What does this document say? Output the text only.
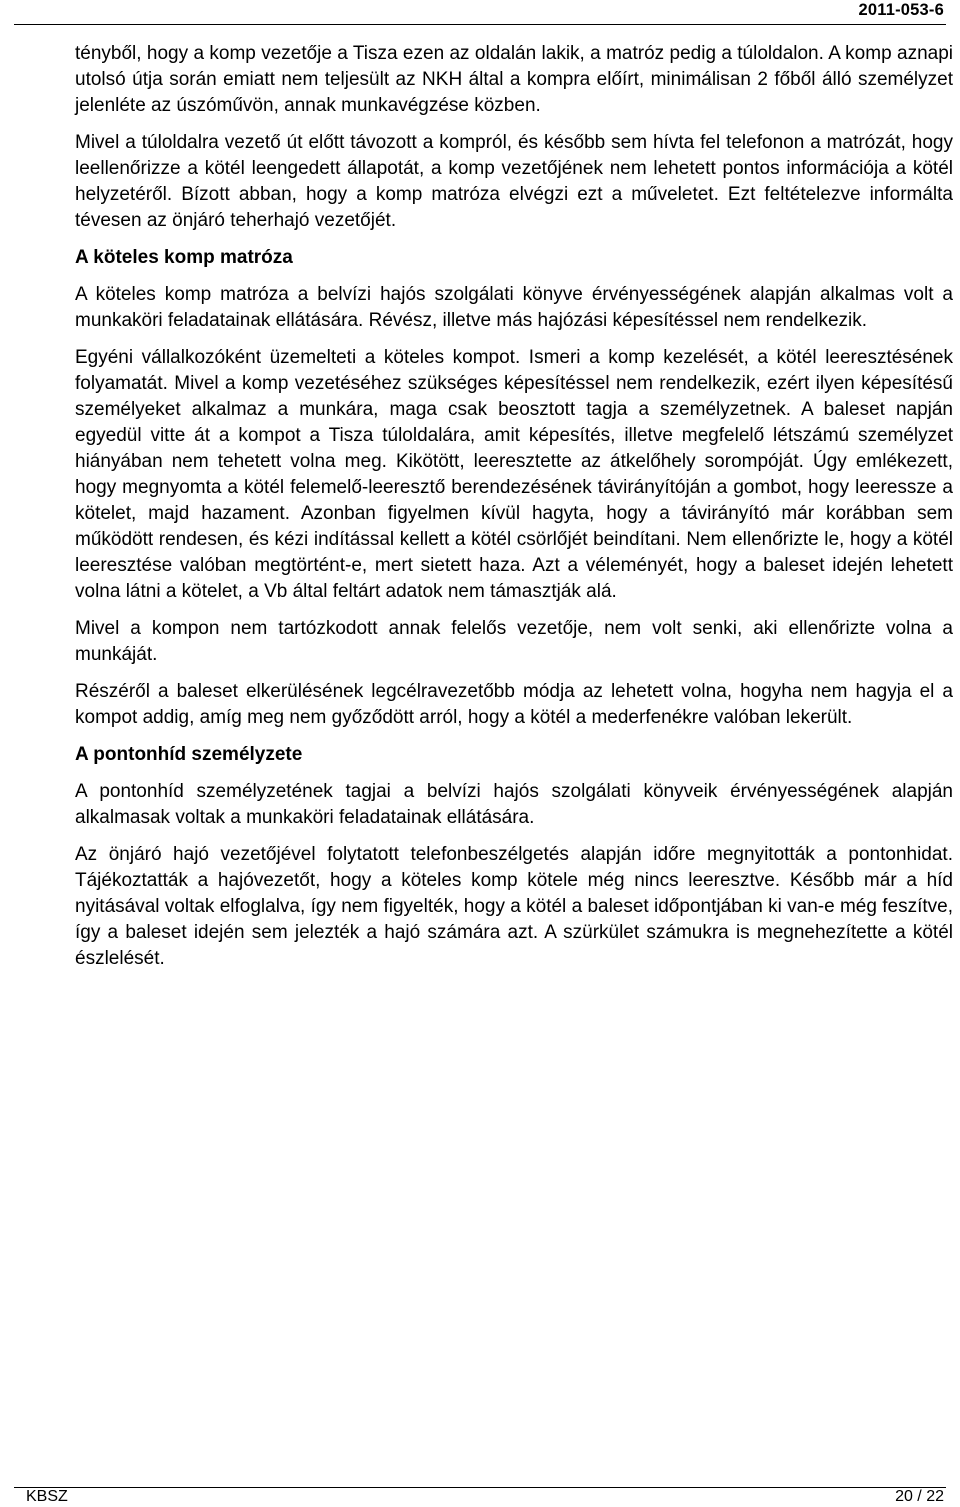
2011-053-6

tényből, hogy a komp vezetője a Tisza ezen az oldalán lakik, a matróz pedig a túloldalon. A komp aznapi utolsó útja során emiatt nem teljesült az NKH által a kompra előírt, minimálisan 2 főből álló személyzet jelenléte az úszóművön, annak munkavégzése közben.

Mivel a túloldalra vezető út előtt távozott a kompról, és később sem hívta fel telefonon a matrózát, hogy leellenőrizze a kötél leengedett állapotát, a komp vezetőjének nem lehetett pontos információja a kötél helyzetéről. Bízott abban, hogy a komp matróza elvégzi ezt a műveletet. Ezt feltételezve informálta tévesen az önjáró teherhajó vezetőjét.

A köteles komp matróza

A köteles komp matróza a belvízi hajós szolgálati könyve érvényességének alapján alkalmas volt a munkaköri feladatainak ellátására. Révész, illetve más hajózási képesítéssel nem rendelkezik.

Egyéni vállalkozóként üzemelteti a köteles kompot. Ismeri a komp kezelését, a kötél leeresztésének folyamatát. Mivel a komp vezetéséhez szükséges képesítéssel nem rendelkezik, ezért ilyen képesítésű személyeket alkalmaz a munkára, maga csak beosztott tagja a személyzetnek. A baleset napján egyedül vitte át a kompot a Tisza túloldalára, amit képesítés, illetve megfelelő létszámú személyzet hiányában nem tehetett volna meg. Kikötött, leeresztette az átkelőhely sorompóját. Úgy emlékezett, hogy megnyomta a kötél felemelő-leeresztő berendezésének távirányítóján a gombot, hogy leeressze a kötelet, majd hazament. Azonban figyelmen kívül hagyta, hogy a távirányító már korábban sem működött rendesen, és kézi indítással kellett a kötél csörlőjét beindítani. Nem ellenőrizte le, hogy a kötél leeresztése valóban megtörtént-e, mert sietett haza. Azt a véleményét, hogy a baleset idején lehetett volna látni a kötelet, a Vb által feltárt adatok nem támasztják alá.

Mivel a kompon nem tartózkodott annak felelős vezetője, nem volt senki, aki ellenőrizte volna a munkáját.

Részéről a baleset elkerülésének legcélravezetőbb módja az lehetett volna, hogyha nem hagyja el a kompot addig, amíg meg nem győződött arról, hogy a kötél a mederfenékre valóban lekerült.

A pontonhíd személyzete

A pontonhíd személyzetének tagjai a belvízi hajós szolgálati könyveik érvényességének alapján alkalmasak voltak a munkaköri feladatainak ellátására.

Az önjáró hajó vezetőjével folytatott telefonbeszélgetés alapján időre megnyitották a pontonhidat. Tájékoztatták a hajóvezetőt, hogy a köteles komp kötele még nincs leeresztve. Később már a híd nyitásával voltak elfoglalva, így nem figyelték, hogy a kötél a baleset időpontjában ki van-e még feszítve, így a baleset idején sem jelezték a hajó számára azt. A szürkület számukra is megnehezítette a kötél észlelését.

KBSZ	20 / 22
